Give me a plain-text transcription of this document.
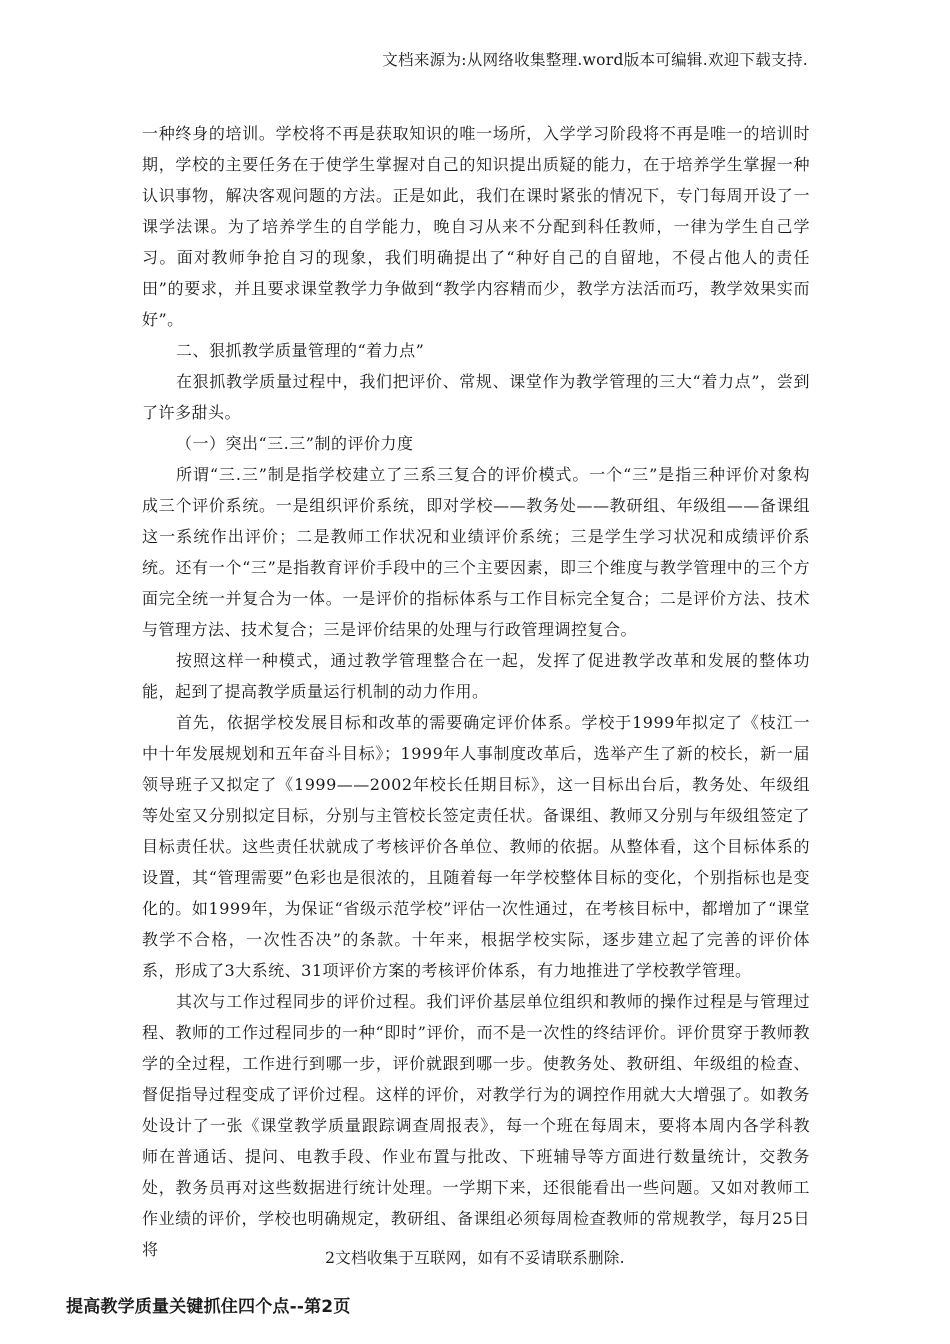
文档来源为:从网络收集整理.word版本可编辑.欢迎下载支持.

一种终身的培训。学校将不再是获取知识的唯一场所，入学学习阶段将不再是唯一的培训时期，学校的主要任务在于使学生掌握对自己的知识提出质疑的能力，在于培养学生掌握一种认识事物，解决客观问题的方法。正是如此，我们在课时紧张的情况下，专门每周开设了一课学法课。为了培养学生的自学能力，晚自习从来不分配到科任教师，一律为学生自己学习。面对教师争抢自习的现象，我们明确提出了“种好自己的自留地，不侵占他人的责任田”的要求，并且要求课堂教学力争做到“教学内容精而少，教学方法活而巧，教学效果实而好”。

二、狠抓教学质量管理的“着力点”

在狠抓教学质量过程中，我们把评价、常规、课堂作为教学管理的三大“着力点”，尝到了许多甜头。

（一）突出“三.三”制的评价力度

所谓“三.三”制是指学校建立了三系三复合的评价模式。一个“三”是指三种评价对象构成三个评价系统。一是组织评价系统，即对学校——教务处——教研组、年级组——备课组这一系统作出评价；二是教师工作状况和业绩评价系统；三是学生学习状况和成绩评价系统。还有一个“三”是指教育评价手段中的三个主要因素，即三个维度与教学管理中的三个方面完全统一并复合为一体。一是评价的指标体系与工作目标完全复合；二是评价方法、技术与管理方法、技术复合；三是评价结果的处理与行政管理调控复合。

按照这样一种模式，通过教学管理整合在一起，发挥了促进教学改革和发展的整体功能，起到了提高教学质量运行机制的动力作用。

首先，依据学校发展目标和改革的需要确定评价体系。学校于1999年拟定了《枝江一中十年发展规划和五年奋斗目标》；1999年人事制度改革后，选举产生了新的校长，新一届领导班子又拟定了《1999——2002年校长任期目标》，这一目标出台后，教务处、年级组等处室又分别拟定目标，分别与主管校长签定责任状。备课组、教师又分别与年级组签定了目标责任状。这些责任状就成了考核评价各单位、教师的依据。从整体看，这个目标体系的设置，其“管理需要”色彩也是很浓的，且随着每一年学校整体目标的变化，个别指标也是变化的。如1999年，为保证“省级示范学校”评估一次性通过，在考核目标中，都增加了“课堂教学不合格，一次性否决”的条款。十年来，根据学校实际，逐步建立起了完善的评价体系，形成了3大系统、31项评价方案的考核评价体系，有力地推进了学校教学管理。

其次与工作过程同步的评价过程。我们评价基层单位组织和教师的操作过程是与管理过程、教师的工作过程同步的一种“即时”评价，而不是一次性的终结评价。评价贯穿于教师教学的全过程，工作进行到哪一步，评价就跟到哪一步。使教务处、教研组、年级组的检查、督促指导过程变成了评价过程。这样的评价，对教学行为的调控作用就大大增强了。如教务处设计了一张《课堂教学质量跟踪调查周报表》，每一个班在每周末，要将本周内各学科教师在普通话、提问、电教手段、作业布置与批改、下班辅导等方面进行数量统计，交教务处，教务员再对这些数据进行统计处理。一学期下来，还很能看出一些问题。又如对教师工作业绩的评价，学校也明确规定，教研组、备课组必须每周检查教师的常规教学，每月25日将	2文档收集于互联网，如有不妥请联系删除.
提高教学质量关键抓住四个点--第2页
